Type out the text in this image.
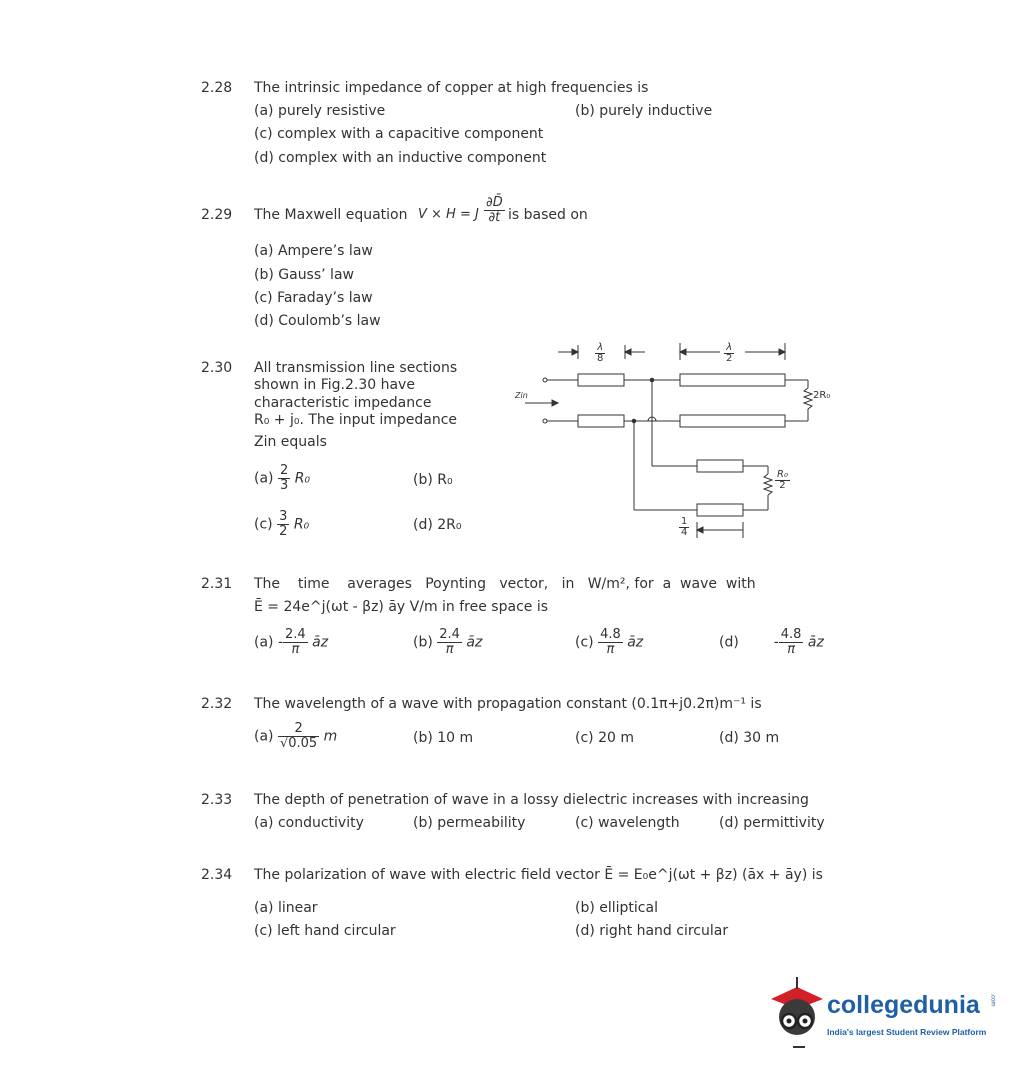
2.28 The intrinsic impedance of copper at high frequencies is
(a) purely resistive	(b) purely inductive
(c) complex with a capacitive component
(d) complex with an inductive component
2.29 The Maxwell equation V × H = J $\frac{\partial D̄}{\partial t}$ is based on
(a) Ampere’s law
(b) Gauss’ law
(c) Faraday’s law
(d) Coulomb’s law
2.30 All transmission line sections
shown in Fig.2.30 have
characteristic impedance
R₀ + j₀. The input impedance
Zin equals
$(a) \frac{2}{3} R_0$	(b) R₀
$(c) \frac{3}{2} R_0$	(d) 2R₀
$\frac{\lambda}{8}$	$\frac{\lambda}{2}$
Zin	2R₀
$\frac{\text{R₀}}{2}$
$\frac{1}{4}$
2.31 The    time    averages   Poynting   vector,   in   W/m², for  a  wave  with
Ē = 24e^j(ωt - βz) āy V/m in free space is
$(a) - \frac{2.4}{\pi}$ āz	$(b) \frac{2.4}{\pi}$ āz	$(c) \frac{4.8}{\pi}$ āz	$(d) - \frac{4.8}{\pi}$ āz
2.32 The wavelength of a wave with propagation constant (0.1π+j0.2π)m⁻¹ is
$(a) \frac{2}{√0.05}$ m	(b) 10 m	(c) 20 m	(d) 30 m
2.33 The depth of penetration of wave in a lossy dielectric increases with increasing
(a) conductivity	(b) permeability	(c) wavelength	(d) permittivity
2.34 The polarization of wave with electric field vector Ē = E₀e^j(ωt + βz) (āx + āy) is
(a) linear	(b) elliptical
(c) left hand circular	(d) right hand circular
collegedunia .com
India's largest Student Review Platform
